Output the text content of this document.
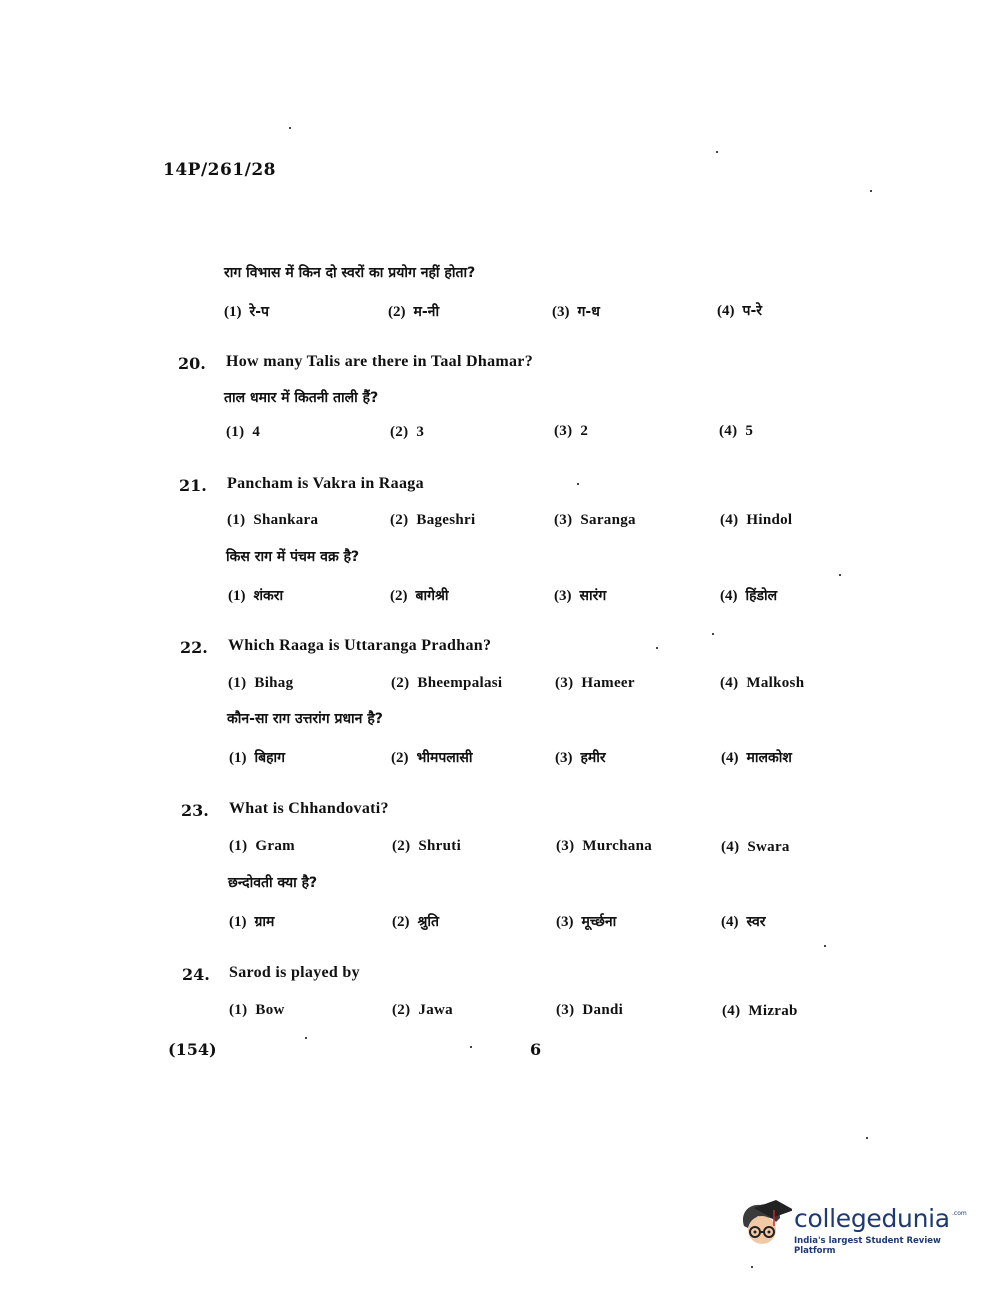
14P/261/28
राग विभास में किन दो स्वरों का प्रयोग नहीं होता?
(1) रे-प	(2) म-नी	(3) ग-ध	(4) प-रे
20. How many Talis are there in Taal Dhamar?
ताल धमार में कितनी ताली हैं?
(1) 4	(2) 3	(3) 2	(4) 5
21. Pancham is Vakra in Raaga
(1) Shankara	(2) Bageshri	(3) Saranga	(4) Hindol
किस राग में पंचम वक्र है?
(1) शंकरा	(2) बागेश्री	(3) सारंग	(4) हिंडोल
22. Which Raaga is Uttaranga Pradhan?
(1) Bihag	(2) Bheempalasi	(3) Hameer	(4) Malkosh
कौन-सा राग उत्तरांग प्रधान है?
(1) बिहाग	(2) भीमपलासी	(3) हमीर	(4) मालकोश
23. What is Chhandovati?
(1) Gram	(2) Shruti	(3) Murchana	(4) Swara
छन्दोवती क्या है?
(1) ग्राम	(2) श्रुति	(3) मूर्च्छना	(4) स्वर
24. Sarod is played by
(1) Bow	(2) Jawa	(3) Dandi	(4) Mizrab
(154)	6
collegedunia .com
India's largest Student Review Platform
